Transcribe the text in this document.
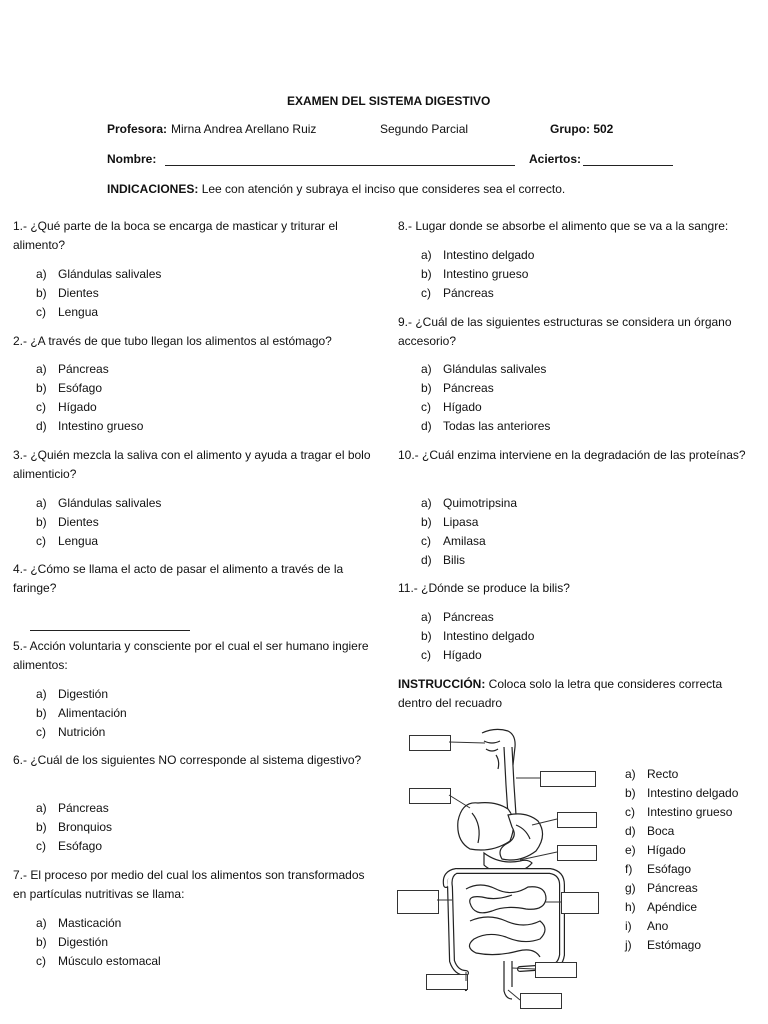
EXAMEN DEL SISTEMA DIGESTIVO
Profesora: Mirna Andrea Arellano Ruiz	Segundo Parcial	Grupo: 502
Nombre:	Aciertos:
INDICACIONES: Lee con atención y subraya el inciso que consideres sea el correcto.
1.- ¿Qué parte de la boca se encarga de masticar y triturar el alimento?
a) Glándulas salivales
b) Dientes
c)	Lengua
2.- ¿A través de que tubo llegan los alimentos al estómago?
a) Páncreas
b) Esófago
c)	Hígado
d) Intestino grueso
3.- ¿Quién mezcla la saliva con el alimento y ayuda a tragar el bolo alimenticio?
a) Glándulas salivales
b) Dientes
c)	Lengua
4.- ¿Cómo se llama el acto de pasar el alimento a través de la faringe?
5.- Acción voluntaria y consciente por el cual el ser humano ingiere alimentos:
a) Digestión
b) Alimentación
c)	Nutrición
6.- ¿Cuál de los siguientes NO corresponde al sistema digestivo?
a) Páncreas
b) Bronquios
c)	Esófago
7.- El proceso por medio del cual los alimentos son transformados en partículas nutritivas se llama:
a) Masticación
b) Digestión
c)	Músculo estomacal
8.- Lugar donde se absorbe el alimento que se va a la sangre:
a) Intestino delgado
b) Intestino grueso
c)	Páncreas
9.- ¿Cuál de las siguientes estructuras se considera un órgano accesorio?
a) Glándulas salivales
b) Páncreas
c)	Hígado
d) Todas las anteriores
10.- ¿Cuál enzima interviene en la degradación de las proteínas?
a) Quimotripsina
b) Lipasa
c)	Amilasa
d) Bilis
11.- ¿Dónde se produce la bilis?
a) Páncreas
b) Intestino delgado
c)	Hígado
INSTRUCCIÓN: Coloca solo la letra que consideres correcta dentro del recuadro
a) Recto
b) Intestino delgado
c)	Intestino grueso
d) Boca
e) Hígado
f)	Esófago
g) Páncreas
h) Apéndice
i)	Ano
j)	Estómago
